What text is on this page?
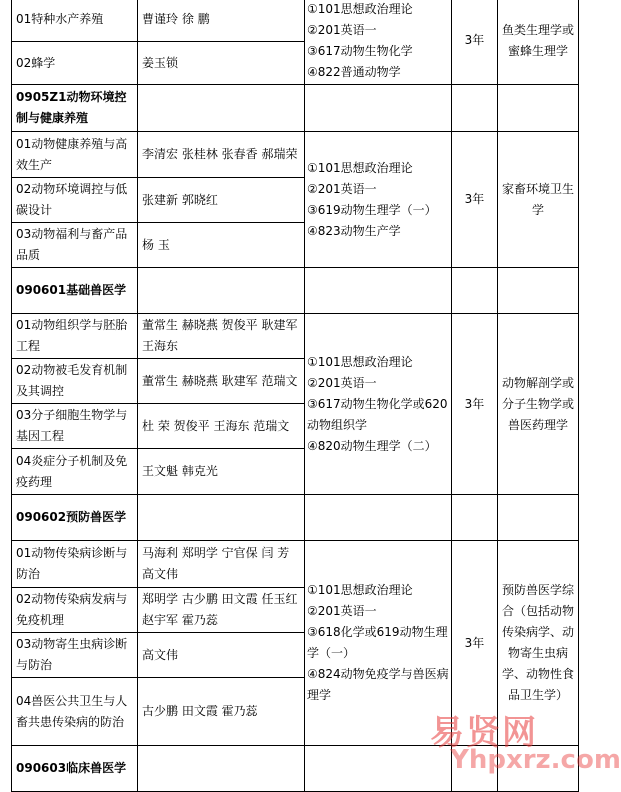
01特种水产养殖	曹谨玲 徐 鹏	①101思想政治理论
②201英语一
③617动物生物化学
④822普通动物学	3年	鱼类生理学或蜜蜂生理学
02蜂学	姜玉锁			
0905Z1动物环境控制与健康养殖				
01动物健康养殖与高效生产	李清宏 张桂林 张春香 郝瑞荣	①101思想政治理论
②201英语一
③619动物生理学（一）
④823动物生产学	3年	家畜环境卫生学
02动物环境调控与低碳设计	张建新 郭晓红			
03动物福利与畜产品品质	杨 玉			
090601基础兽医学				
01动物组织学与胚胎工程	董常生 赫晓燕 贺俊平 耿建军 王海东	①101思想政治理论
②201英语一
③617动物生物化学或620动物组织学
④820动物生理学（二）	3年	动物解剖学或分子生物学或兽医药理学
02动物被毛发育机制及其调控	董常生 赫晓燕 耿建军 范瑞文			
03分子细胞生物学与基因工程	杜 荣 贺俊平 王海东 范瑞文			
04炎症分子机制及免疫药理	王文魁 韩克光			
090602预防兽医学				
01动物传染病诊断与防治	马海利 郑明学 宁官保 闫 芳 高文伟	①101思想政治理论
②201英语一
③618化学或619动物生理学（一）
④824动物免疫学与兽医病理学	3年	预防兽医学综合（包括动物传染病学、动物寄生虫病学、动物性食品卫生学）
02动物传染病发病与免疫机理	郑明学 古少鹏 田文霞 任玉红 赵宇军 霍乃蕊			
03动物寄生虫病诊断与防治	高文伟			
04兽医公共卫生与人畜共患传染病的防治	古少鹏 田文霞 霍乃蕊			
090603临床兽医学				
易贤网
Yhpxrz.com
